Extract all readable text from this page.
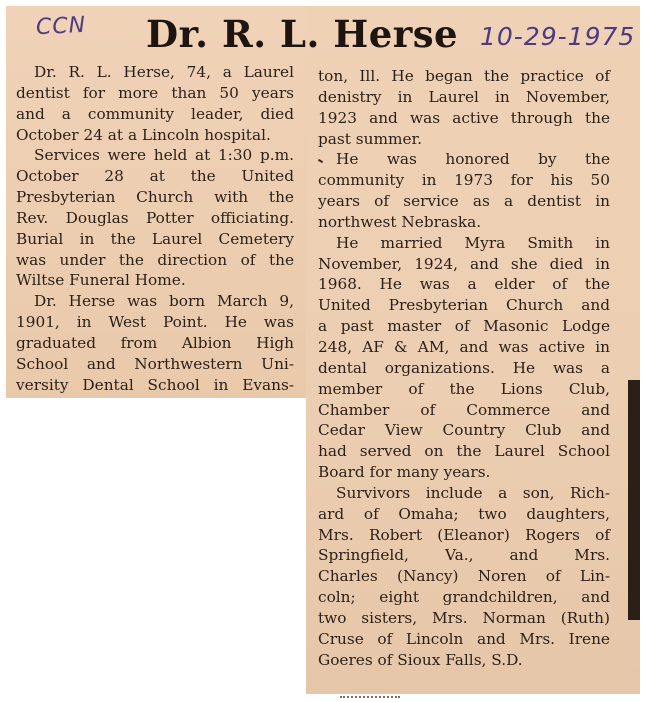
CCN	10-29-1975
Dr. R. L. Herse
Dr. R. L. Herse, 74, a Laurel
dentist for more than 50 years
and a community leader, died
October 24 at a Lincoln hospital.
Services were held at 1:30 p.m.
October 28 at the United
Presbyterian Church with the
Rev. Douglas Potter officiating.
Burial in the Laurel Cemetery
was under the direction of the
Wiltse Funeral Home.
Dr. Herse was born March 9,
1901, in West Point. He was
graduated from Albion High
School and Northwestern Uni-
versity Dental School in Evans-
ton, Ill. He began the practice of
denistry in Laurel in November,
1923 and was active through the
past summer.
He was honored by the
community in 1973 for his 50
years of service as a dentist in
northwest Nebraska.
He married Myra Smith in
November, 1924, and she died in
1968. He was a elder of the
United Presbyterian Church and
a past master of Masonic Lodge
248, AF & AM, and was active in
dental organizations. He was a
member of the Lions Club,
Chamber of Commerce and
Cedar View Country Club and
had served on the Laurel School
Board for many years.
Survivors include a son, Rich-
ard of Omaha; two daughters,
Mrs. Robert (Eleanor) Rogers of
Springfield, Va., and Mrs.
Charles (Nancy) Noren of Lin-
coln; eight grandchildren, and
two sisters, Mrs. Norman (Ruth)
Cruse of Lincoln and Mrs. Irene
Goeres of Sioux Falls, S.D.
